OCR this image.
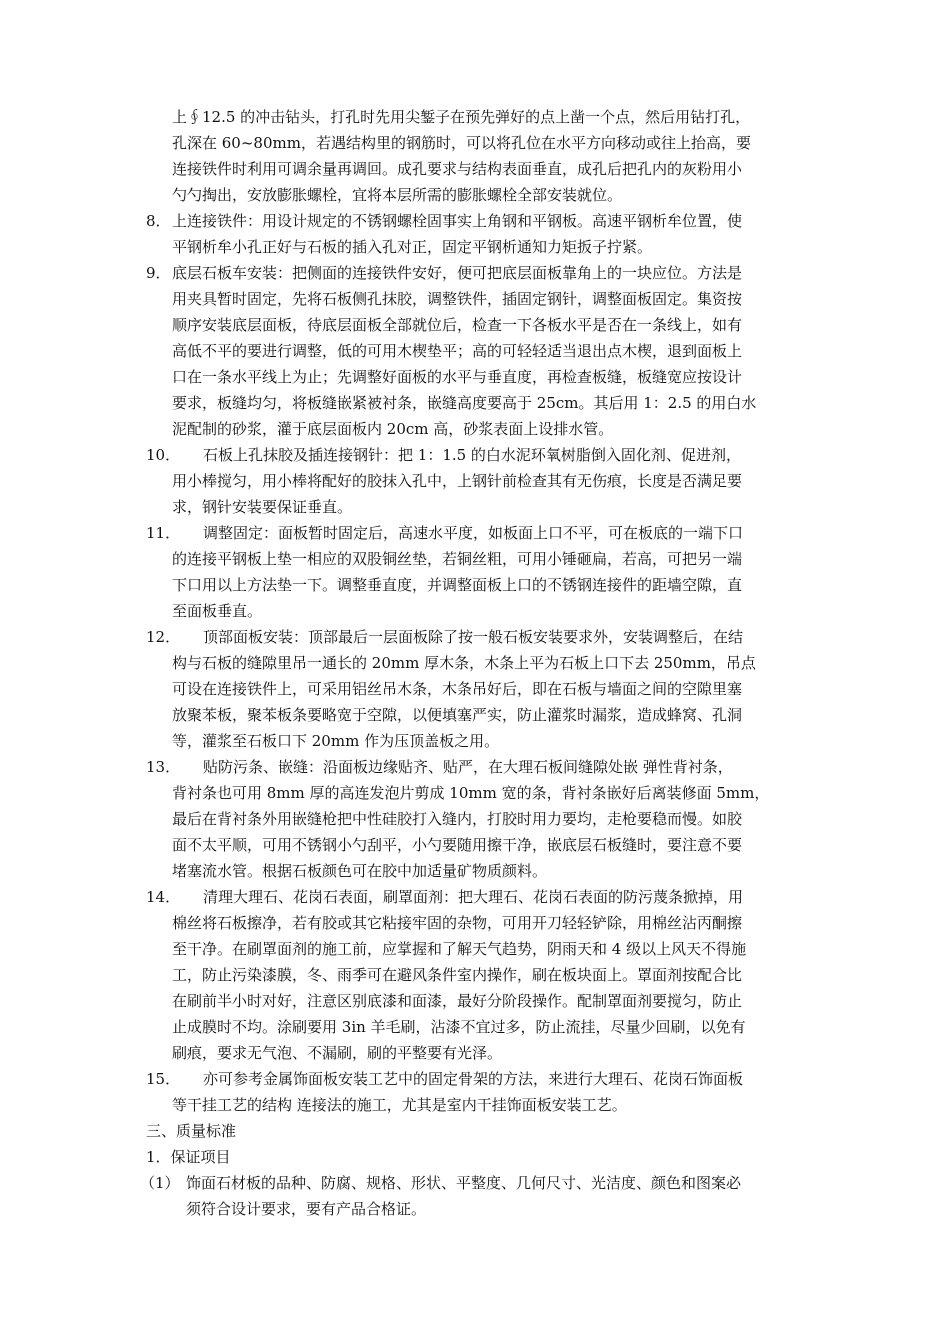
上∮12.5 的冲击钻头，打孔时先用尖錾子在预先弹好的点上凿一个点，然后用钻打孔，
孔深在 60~80mm，若遇结构里的钢筋时，可以将孔位在水平方向移动或往上抬高，要
连接铁件时利用可调余量再调回。成孔要求与结构表面垂直，成孔后把孔内的灰粉用小
勺勺掏出，安放膨胀螺栓，宜将本层所需的膨胀螺栓全部安装就位。
8． 上连接铁件：用设计规定的不锈钢螺栓固事实上角钢和平钢板。高速平钢析牟位置，使
平钢析牟小孔正好与石板的插入孔对正，固定平钢析通知力矩扳子拧紧。
9． 底层石板车安装：把侧面的连接铁件安好，便可把底层面板靠角上的一块应位。方法是
用夹具暂时固定，先将石板侧孔抹胶，调整铁件，插固定钢针，调整面板固定。集资按
顺序安装底层面板，待底层面板全部就位后，检查一下各板水平是否在一条线上，如有
高低不平的要进行调整，低的可用木楔垫平；高的可轻轻适当退出点木楔，退到面板上
口在一条水平线上为止；先调整好面板的水平与垂直度，再检查板缝，板缝宽应按设计
要求，板缝均匀，将板缝嵌紧被衬条，嵌缝高度要高于 25cm。其后用 1：2.5 的用白水
泥配制的砂浆，灌于底层面板内 20cm 高，砂浆表面上设排水管。
10． 石板上孔抹胶及插连接钢针：把 1：1.5 的白水泥环氧树脂倒入固化剂、促进剂，
用小棒搅匀，用小棒将配好的胶抹入孔中，上钢针前检查其有无伤痕，长度是否满足要
求，钢针安装要保证垂直。
11． 调整固定：面板暂时固定后，高速水平度，如板面上口不平，可在板底的一端下口
的连接平钢板上垫一相应的双股铜丝垫，若铜丝粗，可用小锤砸扁，若高，可把另一端
下口用以上方法垫一下。调整垂直度，并调整面板上口的不锈钢连接件的距墙空隙，直
至面板垂直。
12． 顶部面板安装：顶部最后一层面板除了按一般石板安装要求外，安装调整后，在结
构与石板的缝隙里吊一通长的 20mm 厚木条，木条上平为石板上口下去 250mm，吊点
可设在连接铁件上，可采用铝丝吊木条，木条吊好后，即在石板与墙面之间的空隙里塞
放聚苯板，聚苯板条要略宽于空隙，以便填塞严实，防止灌浆时漏浆，造成蜂窝、孔洞
等，灌浆至石板口下 20mm 作为压顶盖板之用。
13． 贴防污条、嵌缝：沿面板边缘贴齐、贴严，在大理石板间缝隙处嵌 弹性背衬条，
背衬条也可用 8mm 厚的高连发泡片剪成 10mm 宽的条，背衬条嵌好后离装修面 5mm，
最后在背衬条外用嵌缝枪把中性硅胶打入缝内，打胶时用力要均，走枪要稳而慢。如胶
面不太平顺，可用不锈钢小勺刮平，小勺要随用擦干净，嵌底层石板缝时，要注意不要
堵塞流水管。根据石板颜色可在胶中加适量矿物质颜料。
14． 清理大理石、花岗石表面，刷罩面剂：把大理石、花岗石表面的防污蔑条掀掉，用
棉丝将石板擦净，若有胶或其它粘接牢固的杂物，可用开刀轻轻铲除，用棉丝沾丙酮擦
至干净。在刷罩面剂的施工前，应掌握和了解天气趋势，阴雨天和 4 级以上风天不得施
工，防止污染漆膜，冬、雨季可在避风条件室内操作，刷在板块面上。罩面剂按配合比
在刷前半小时对好，注意区别底漆和面漆，最好分阶段操作。配制罩面剂要搅匀，防止
止成膜时不均。涂刷要用 3in 羊毛刷，沾漆不宜过多，防止流挂，尽量少回刷，以免有
刷痕，要求无气泡、不漏刷，刷的平整要有光泽。
15． 亦可参考金属饰面板安装工艺中的固定骨架的方法，来进行大理石、花岗石饰面板
等干挂工艺的结构 连接法的施工，尤其是室内干挂饰面板安装工艺。
三、质量标准
1．保证项目
（1） 饰面石材板的品种、防腐、规格、形状、平整度、几何尺寸、光洁度、颜色和图案必
须符合设计要求，要有产品合格证。
